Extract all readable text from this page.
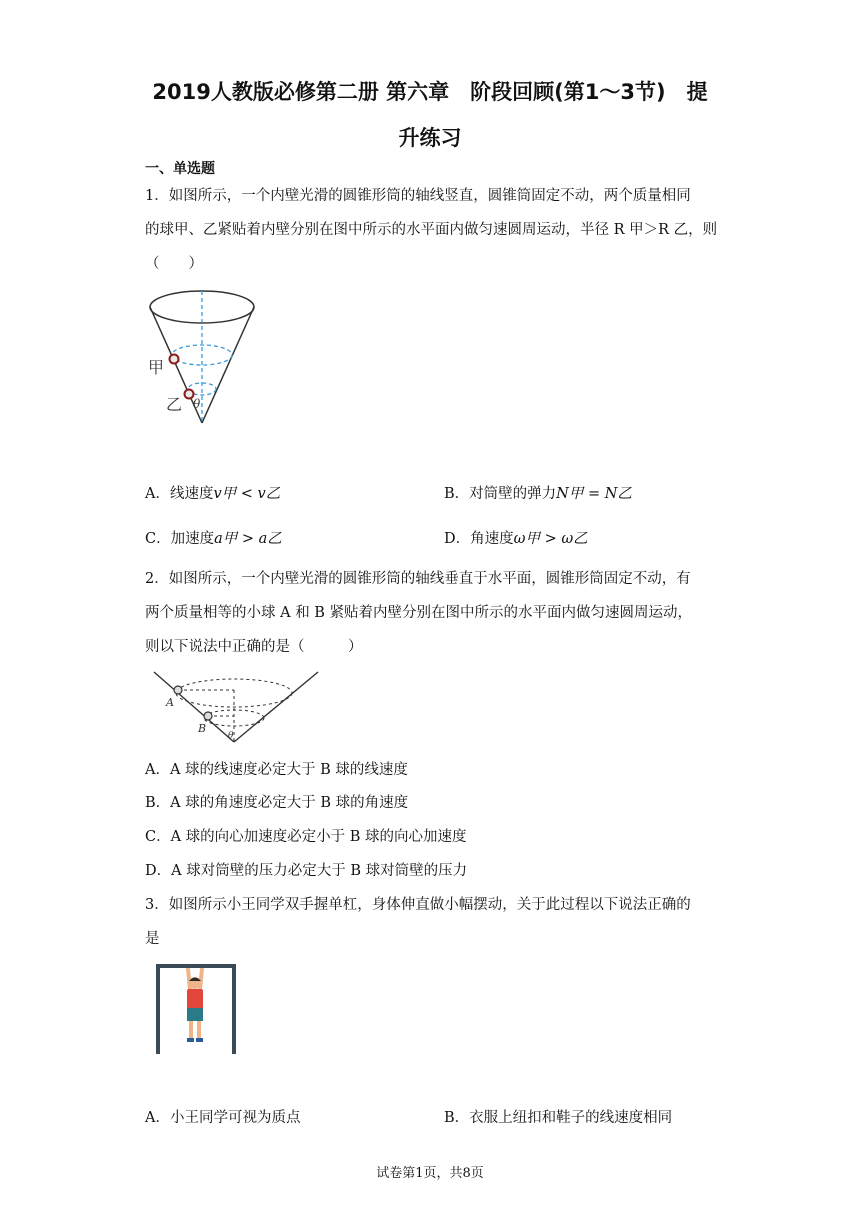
2019人教版必修第二册 第六章　阶段回顾(第1～3节)　提
升练习
一、单选题
1．如图所示，一个内壁光滑的圆锥形筒的轴线竖直，圆锥筒固定不动，两个质量相同
的球甲、乙紧贴着内壁分别在图中所示的水平面内做匀速圆周运动，半径 R 甲＞R 乙，则
（　　）
甲
乙 θ
A．线速度v甲 < v乙	B．对筒壁的弹力N甲 = N乙
C．加速度a甲 > a乙	D．角速度ω甲 > ω乙
2．如图所示，一个内壁光滑的圆锥形筒的轴线垂直于水平面，圆锥形筒固定不动，有
两个质量相等的小球 A 和 B 紧贴着内壁分别在图中所示的水平面内做匀速圆周运动，
则以下说法中正确的是（　　　）
A
B
θ
A．A 球的线速度必定大于 B 球的线速度
B．A 球的角速度必定大于 B 球的角速度
C．A 球的向心加速度必定小于 B 球的向心加速度
D．A 球对筒壁的压力必定大于 B 球对筒壁的压力
3．如图所示小王同学双手握单杠，身体伸直做小幅摆动，关于此过程以下说法正确的
是
A．小王同学可视为质点	B．衣服上纽扣和鞋子的线速度相同
试卷第1页，共8页
